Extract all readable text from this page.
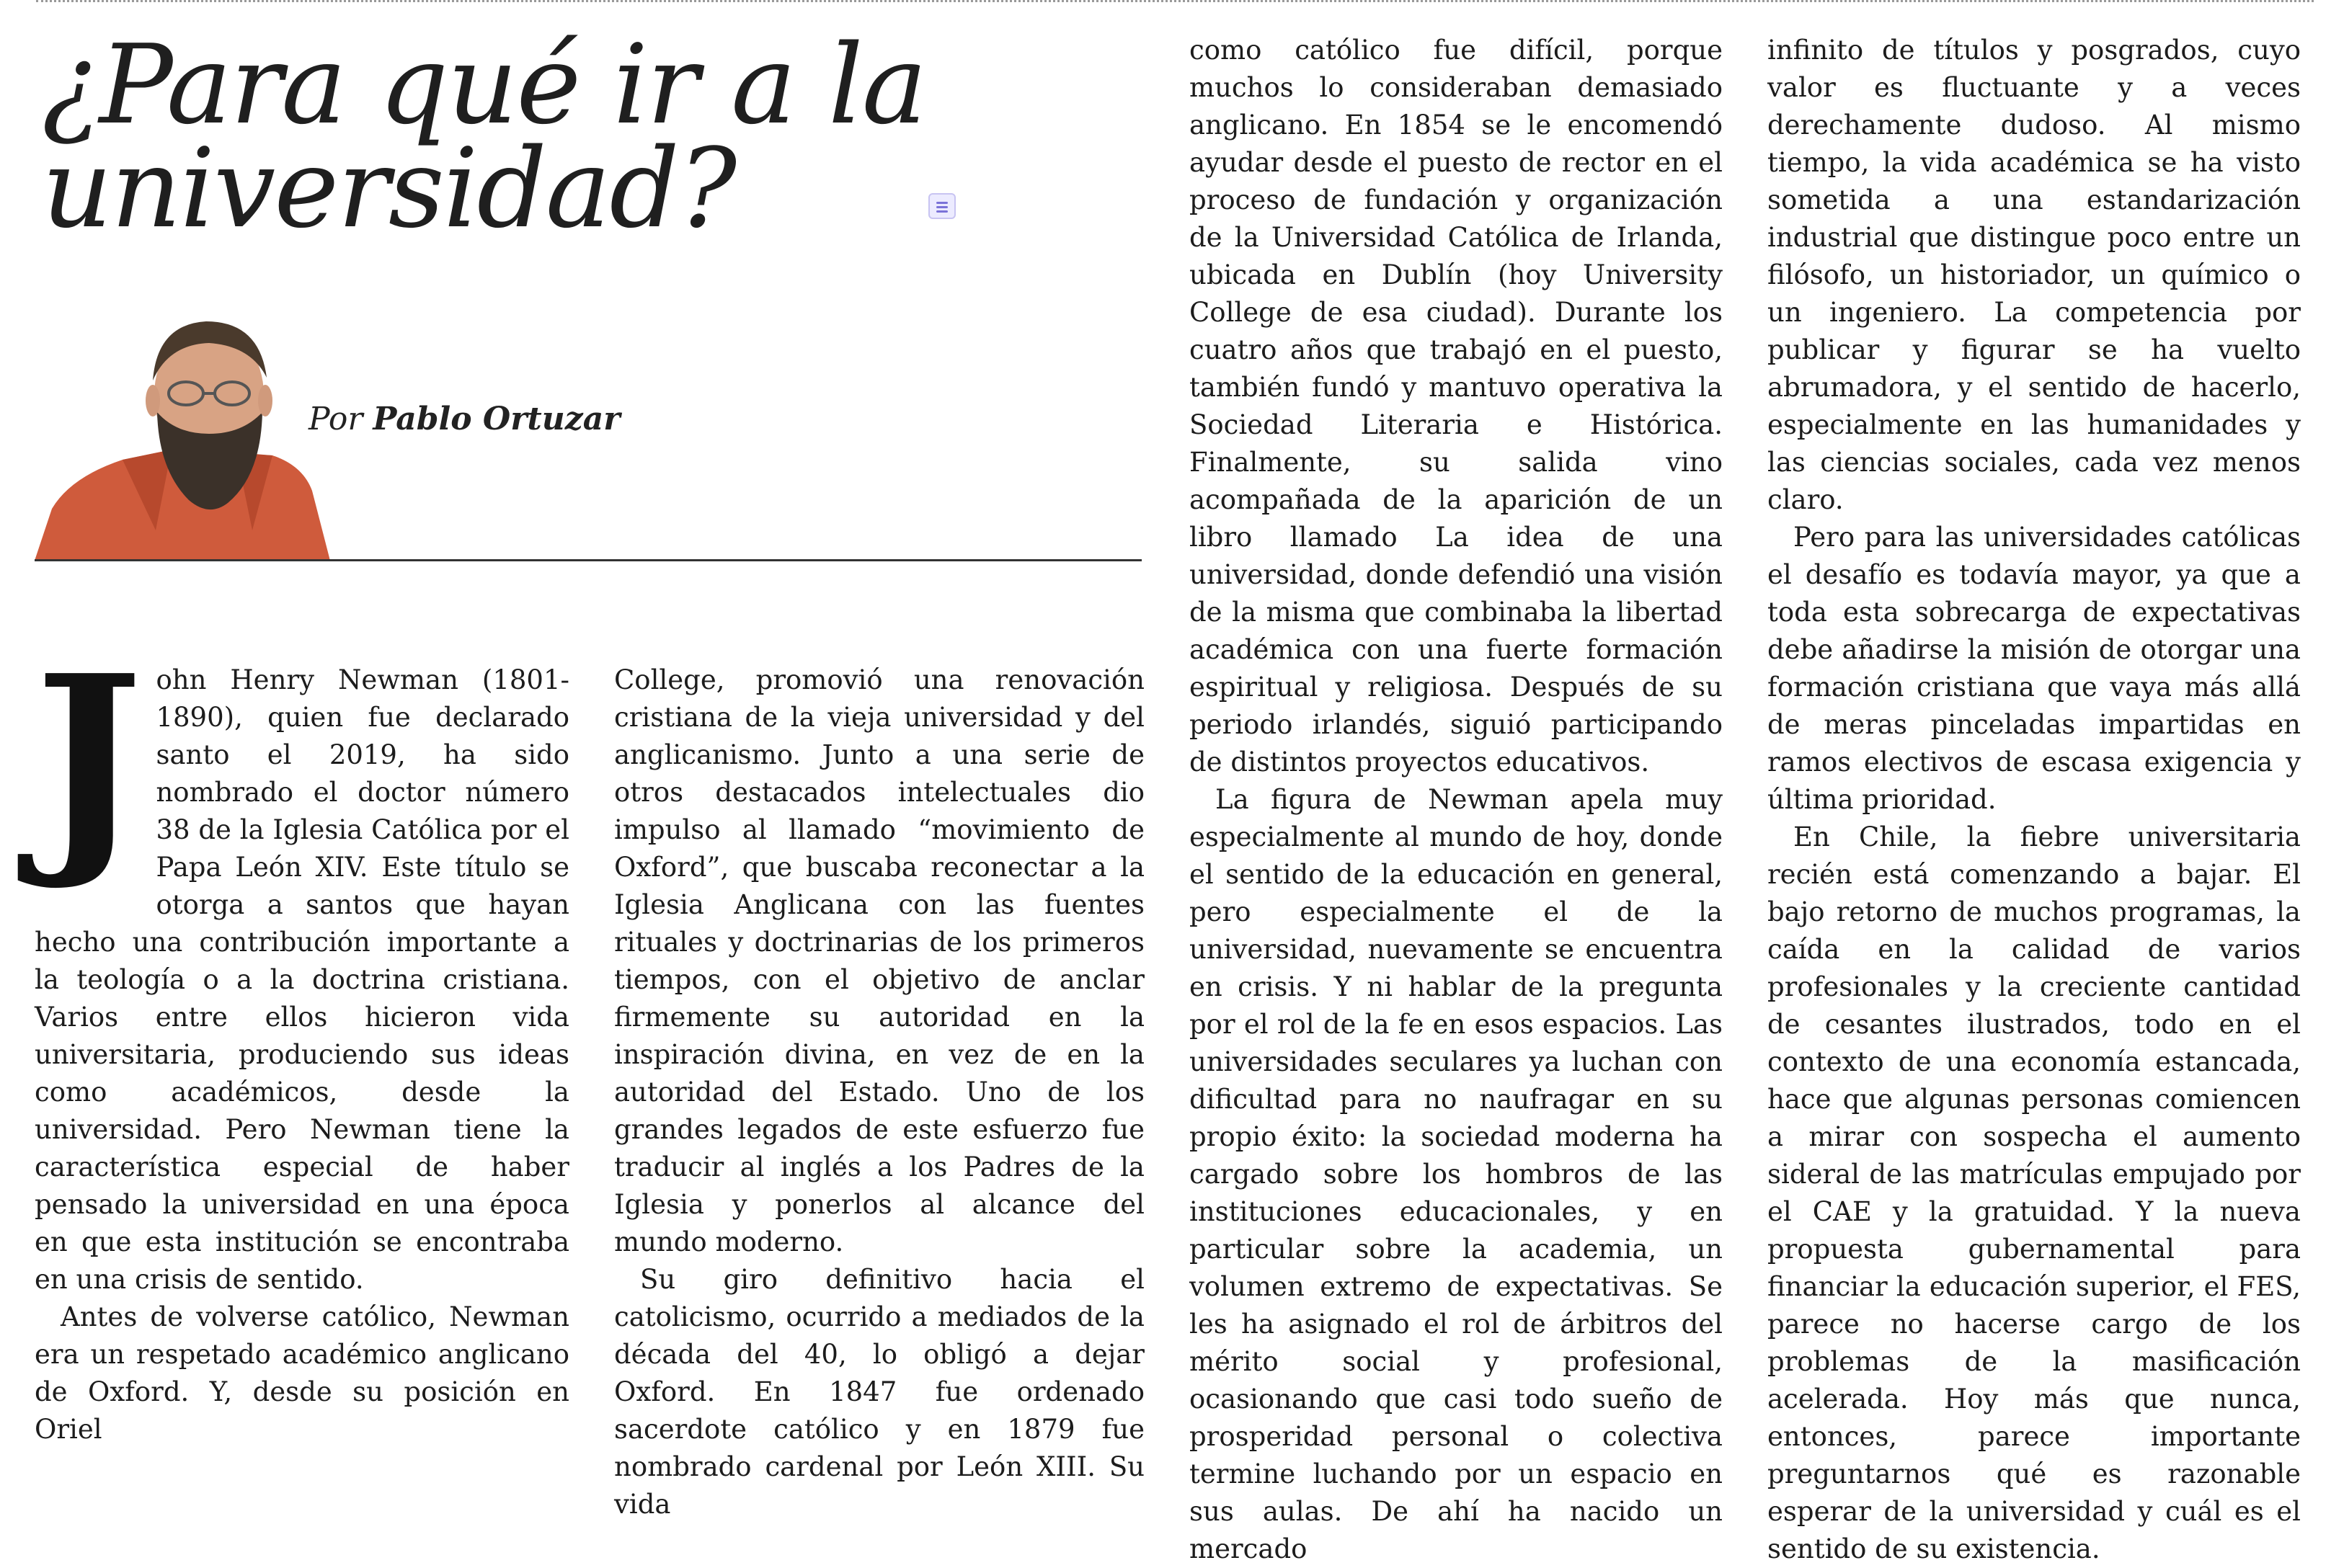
¿Para qué ir a la universidad?

Por Pablo Ortuzar

John Henry Newman (1801-1890), quien fue declarado santo el 2019, ha sido nombrado el doctor número 38 de la Iglesia Católica por el Papa León XIV. Este título se otorga a santos que hayan hecho una contribución importante a la teología o a la doctrina cristiana. Varios entre ellos hicieron vida universitaria, produciendo sus ideas como académicos, desde la universidad. Pero Newman tiene la característica especial de haber pensado la universidad en una época en que esta institución se encontraba en una crisis de sentido.

Antes de volverse católico, Newman era un respetado académico anglicano de Oxford. Y, desde su posición en Oriel

College, promovió una renovación cristiana de la vieja universidad y del anglicanismo. Junto a una serie de otros destacados intelectuales dio impulso al llamado “movimiento de Oxford”, que buscaba reconectar a la Iglesia Anglicana con las fuentes rituales y doctrinarias de los primeros tiempos, con el objetivo de anclar firmemente su autoridad en la inspiración divina, en vez de en la autoridad del Estado. Uno de los grandes legados de este esfuerzo fue traducir al inglés a los Padres de la Iglesia y ponerlos al alcance del mundo moderno.

Su giro definitivo hacia el catolicismo, ocurrido a mediados de la década del 40, lo obligó a dejar Oxford. En 1847 fue ordenado sacerdote católico y en 1879 fue nombrado cardenal por León XIII. Su vida

como católico fue difícil, porque muchos lo consideraban demasiado anglicano. En 1854 se le encomendó ayudar desde el puesto de rector en el proceso de fundación y organización de la Universidad Católica de Irlanda, ubicada en Dublín (hoy University College de esa ciudad). Durante los cuatro años que trabajó en el puesto, también fundó y mantuvo operativa la Sociedad Literaria e Histórica. Finalmente, su salida vino acompañada de la aparición de un libro llamado La idea de una universidad, donde defendió una visión de la misma que combinaba la libertad académica con una fuerte formación espiritual y religiosa. Después de su periodo irlandés, siguió participando de distintos proyectos educativos.

La figura de Newman apela muy especialmente al mundo de hoy, donde el sentido de la educación en general, pero especialmente el de la universidad, nuevamente se encuentra en crisis. Y ni hablar de la pregunta por el rol de la fe en esos espacios. Las universidades seculares ya luchan con dificultad para no naufragar en su propio éxito: la sociedad moderna ha cargado sobre los hombros de las instituciones educacionales, y en particular sobre la academia, un volumen extremo de expectativas. Se les ha asignado el rol de árbitros del mérito social y profesional, ocasionando que casi todo sueño de prosperidad personal o colectiva termine luchando por un espacio en sus aulas. De ahí ha nacido un mercado

infinito de títulos y posgrados, cuyo valor es fluctuante y a veces derechamente dudoso. Al mismo tiempo, la vida académica se ha visto sometida a una estandarización industrial que distingue poco entre un filósofo, un historiador, un químico o un ingeniero. La competencia por publicar y figurar se ha vuelto abrumadora, y el sentido de hacerlo, especialmente en las humanidades y las ciencias sociales, cada vez menos claro.

Pero para las universidades católicas el desafío es todavía mayor, ya que a toda esta sobrecarga de expectativas debe añadirse la misión de otorgar una formación cristiana que vaya más allá de meras pinceladas impartidas en ramos electivos de escasa exigencia y última prioridad.

En Chile, la fiebre universitaria recién está comenzando a bajar. El bajo retorno de muchos programas, la caída en la calidad de varios profesionales y la creciente cantidad de cesantes ilustrados, todo en el contexto de una economía estancada, hace que algunas personas comiencen a mirar con sospecha el aumento sideral de las matrículas empujado por el CAE y la gratuidad. Y la nueva propuesta gubernamental para financiar la educación superior, el FES, parece no hacerse cargo de los problemas de la masificación acelerada. Hoy más que nunca, entonces, parece importante preguntarnos qué es razonable esperar de la universidad y cuál es el sentido de su existencia.
